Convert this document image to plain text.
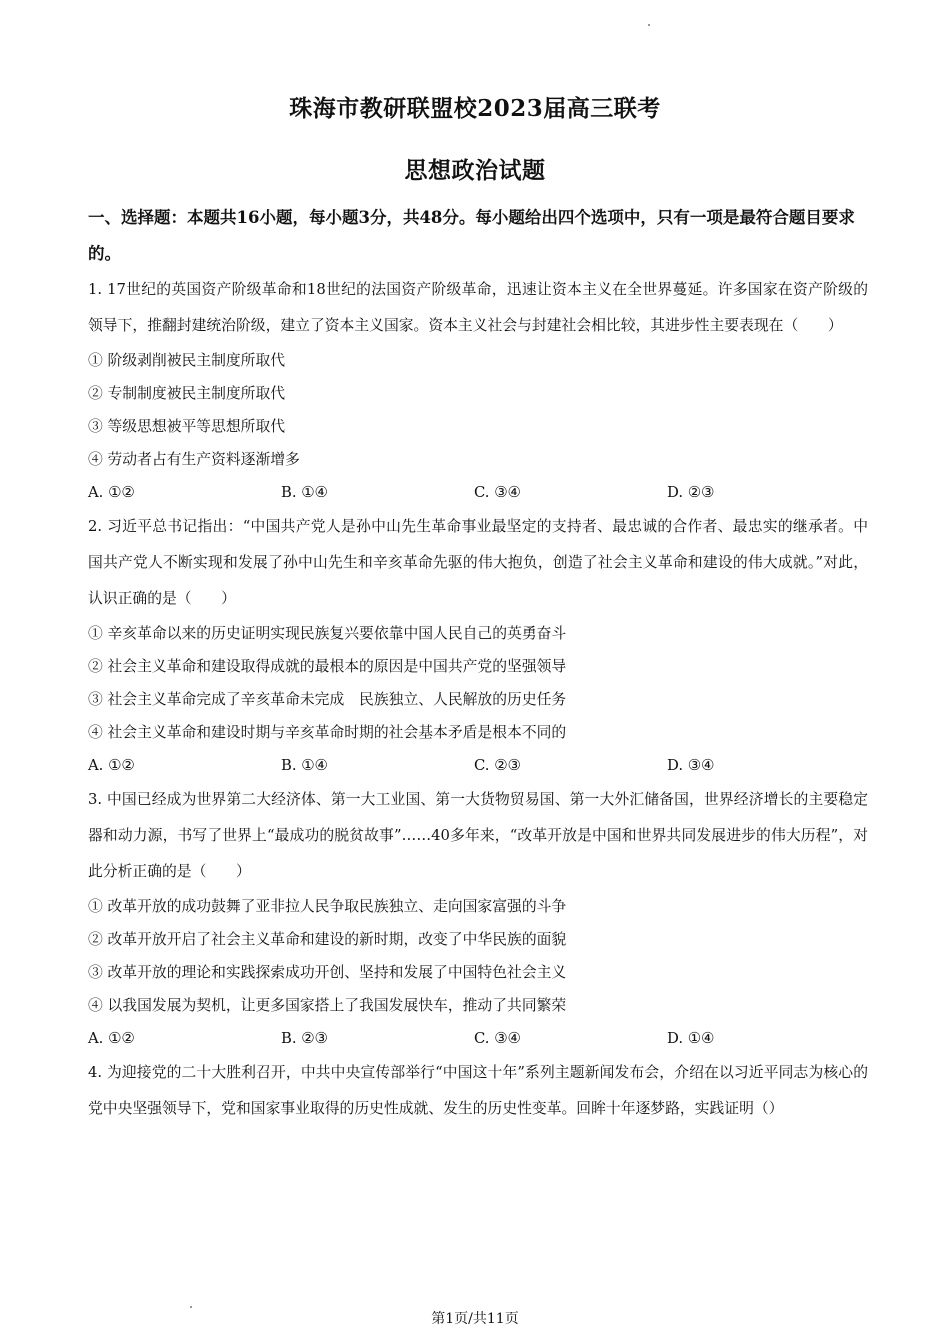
珠海市教研联盟校2023届高三联考
思想政治试题

一、选择题：本题共16小题，每小题3分，共48分。每小题给出四个选项中，只有一项是最符合题目要求的。

1. 17世纪的英国资产阶级革命和18世纪的法国资产阶级革命，迅速让资本主义在全世界蔓延。许多国家在资产阶级的领导下，推翻封建统治阶级，建立了资本主义国家。资本主义社会与封建社会相比较，其进步性主要表现在（　　）

① 阶级剥削被民主制度所取代

② 专制制度被民主制度所取代

③ 等级思想被平等思想所取代

④ 劳动者占有生产资料逐渐增多

A. ①②	B. ①④	C. ③④	D. ②③

2. 习近平总书记指出：“中国共产党人是孙中山先生革命事业最坚定的支持者、最忠诚的合作者、最忠实的继承者。中国共产党人不断实现和发展了孙中山先生和辛亥革命先驱的伟大抱负，创造了社会主义革命和建设的伟大成就。”对此，认识正确的是（　　）

① 辛亥革命以来的历史证明实现民族复兴要依靠中国人民自己的英勇奋斗

② 社会主义革命和建设取得成就的最根本的原因是中国共产党的坚强领导

③ 社会主义革命完成了辛亥革命未完成　民族独立、人民解放的历史任务

④ 社会主义革命和建设时期与辛亥革命时期的社会基本矛盾是根本不同的

A. ①②	B. ①④	C. ②③	D. ③④

3. 中国已经成为世界第二大经济体、第一大工业国、第一大货物贸易国、第一大外汇储备国，世界经济增长的主要稳定器和动力源，书写了世界上“最成功的脱贫故事”……40多年来，“改革开放是中国和世界共同发展进步的伟大历程”，对此分析正确的是（　　）

① 改革开放的成功鼓舞了亚非拉人民争取民族独立、走向国家富强的斗争

② 改革开放开启了社会主义革命和建设的新时期，改变了中华民族的面貌

③ 改革开放的理论和实践探索成功开创、坚持和发展了中国特色社会主义

④ 以我国发展为契机，让更多国家搭上了我国发展快车，推动了共同繁荣

A. ①②	B. ②③	C. ③④	D. ①④

4. 为迎接党的二十大胜利召开，中共中央宣传部举行“中国这十年”系列主题新闻发布会，介绍在以习近平同志为核心的党中央坚强领导下，党和国家事业取得的历史性成就、发生的历史性变革。回眸十年逐梦路，实践证明（）

第1页/共11页
